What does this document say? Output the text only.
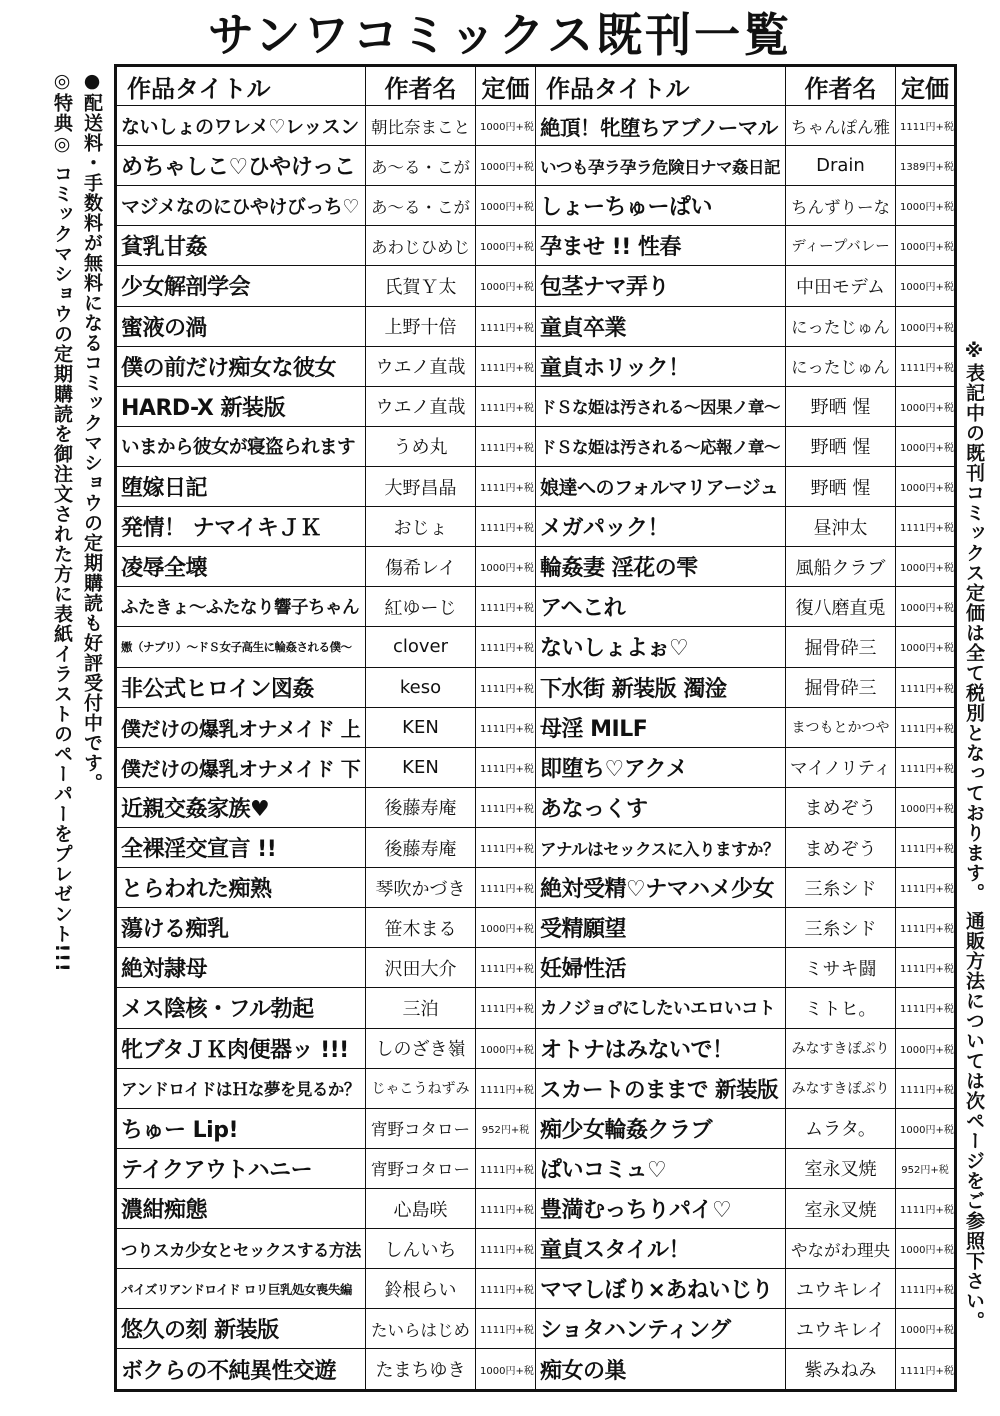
サンワコミックス既刊一覧
●配送料・手数料が無料になるコミックマショウの定期購読も好評受付中です。
◎特典◎ コミックマショウの定期購読を御注文された方に表紙イラストのペーパーをプレゼント!!!	※表記中の既刊コミックス定価は全て税別となっております。 通販方法については次ページをご参照下さい。
作品タイトル	作者名	定価	作品タイトル	作者名	定価
ないしょのワレメ♡レッスン	朝比奈まこと	1000円+税	絶頂！牝堕ちアブノーマル	ちゃんぽん雅	1111円+税
めちゃしこ♡ひやけっこ	あ〜る・こが	1000円+税	いつも孕ラ孕ラ危険日ナマ姦日記	Drain	1389円+税
マジメなのにひやけびっち♡	あ〜る・こが	1000円+税	しょーちゅーぱい	ちんずりーな	1000円+税
貧乳甘姦	あわじひめじ	1000円+税	孕ませ !! 性春	ディープバレー	1000円+税
少女解剖学会	氏賀Ｙ太	1000円+税	包茎ナマ弄り	中田モデム	1000円+税
蜜液の渦	上野十倍	1111円+税	童貞卒業	にったじゅん	1000円+税
僕の前だけ痴女な彼女	ウエノ直哉	1111円+税	童貞ホリック！	にったじゅん	1111円+税
HARD-X 新装版	ウエノ直哉	1111円+税	ドＳな姫は汚される〜因果ノ章〜	野晒 惺	1000円+税
いまから彼女が寝盗られます	うめ丸	1111円+税	ドＳな姫は汚される〜応報ノ章〜	野晒 惺	1000円+税
堕嫁日記	大野昌晶	1111円+税	娘達へのフォルマリアージュ	野晒 惺	1000円+税
発情！ ナマイキＪＫ	おじょ	1111円+税	メガパック！	昼沖太	1111円+税
凌辱全壊	傷希レイ	1000円+税	輪姦妻 淫花の雫	風船クラブ	1000円+税
ふたきょ〜ふたなり響子ちゃん	紅ゆーじ	1111円+税	アヘこれ	復八磨直兎	1000円+税
嫐（ナブリ）〜ドＳ女子高生に輪姦される僕〜	clover	1111円+税	ないしょよぉ♡	掘骨砕三	1000円+税
非公式ヒロイン図姦	keso	1111円+税	下水街 新装版 濁淦	掘骨砕三	1111円+税
僕だけの爆乳オナメイド 上	KEN	1111円+税	母淫 MILF	まつもとかつや	1111円+税
僕だけの爆乳オナメイド 下	KEN	1111円+税	即堕ち♡アクメ	マイノリティ	1111円+税
近親交姦家族♥	後藤寿庵	1111円+税	あなっくす	まめぞう	1000円+税
全裸淫交宣言 !!	後藤寿庵	1111円+税	アナルはセックスに入りますか？	まめぞう	1111円+税
とらわれた痴熟	琴吹かづき	1111円+税	絶対受精♡ナマハメ少女	三糸シド	1111円+税
蕩ける痴乳	笹木まる	1000円+税	受精願望	三糸シド	1111円+税
絶対隷母	沢田大介	1111円+税	妊婦性活	ミサキ闘	1111円+税
メス陰核・フル勃起	三泊	1111円+税	カノジョ♂にしたいエロいコト	ミトヒ。	1111円+税
牝ブタＪＫ肉便器ッ !!!	しのざき嶺	1000円+税	オトナはみないで！	みなすきぽぷり	1000円+税
アンドロイドはＨな夢を見るか？	じゃこうねずみ	1111円+税	スカートのままで 新装版	みなすきぽぷり	1111円+税
ちゅー Lip!	宵野コタロー	952円+税	痴少女輪姦クラブ	ムラタ。	1000円+税
テイクアウトハニー	宵野コタロー	1111円+税	ぱいコミュ♡	室永叉焼	952円+税
濃紺痴態	心島咲	1111円+税	豊満むっちりパイ♡	室永叉焼	1111円+税
つりスカ少女とセックスする方法	しんいち	1111円+税	童貞スタイル！	やながわ理央	1000円+税
パイズリアンドロイド ロリ巨乳処女喪失編	鈴根らい	1111円+税	ママしぼり×あねいじり	ユウキレイ	1111円+税
悠久の刻 新装版	たいらはじめ	1111円+税	ショタハンティング	ユウキレイ	1000円+税
ボクらの不純異性交遊	たまちゆき	1000円+税	痴女の巣	紫みねみ	1111円+税
